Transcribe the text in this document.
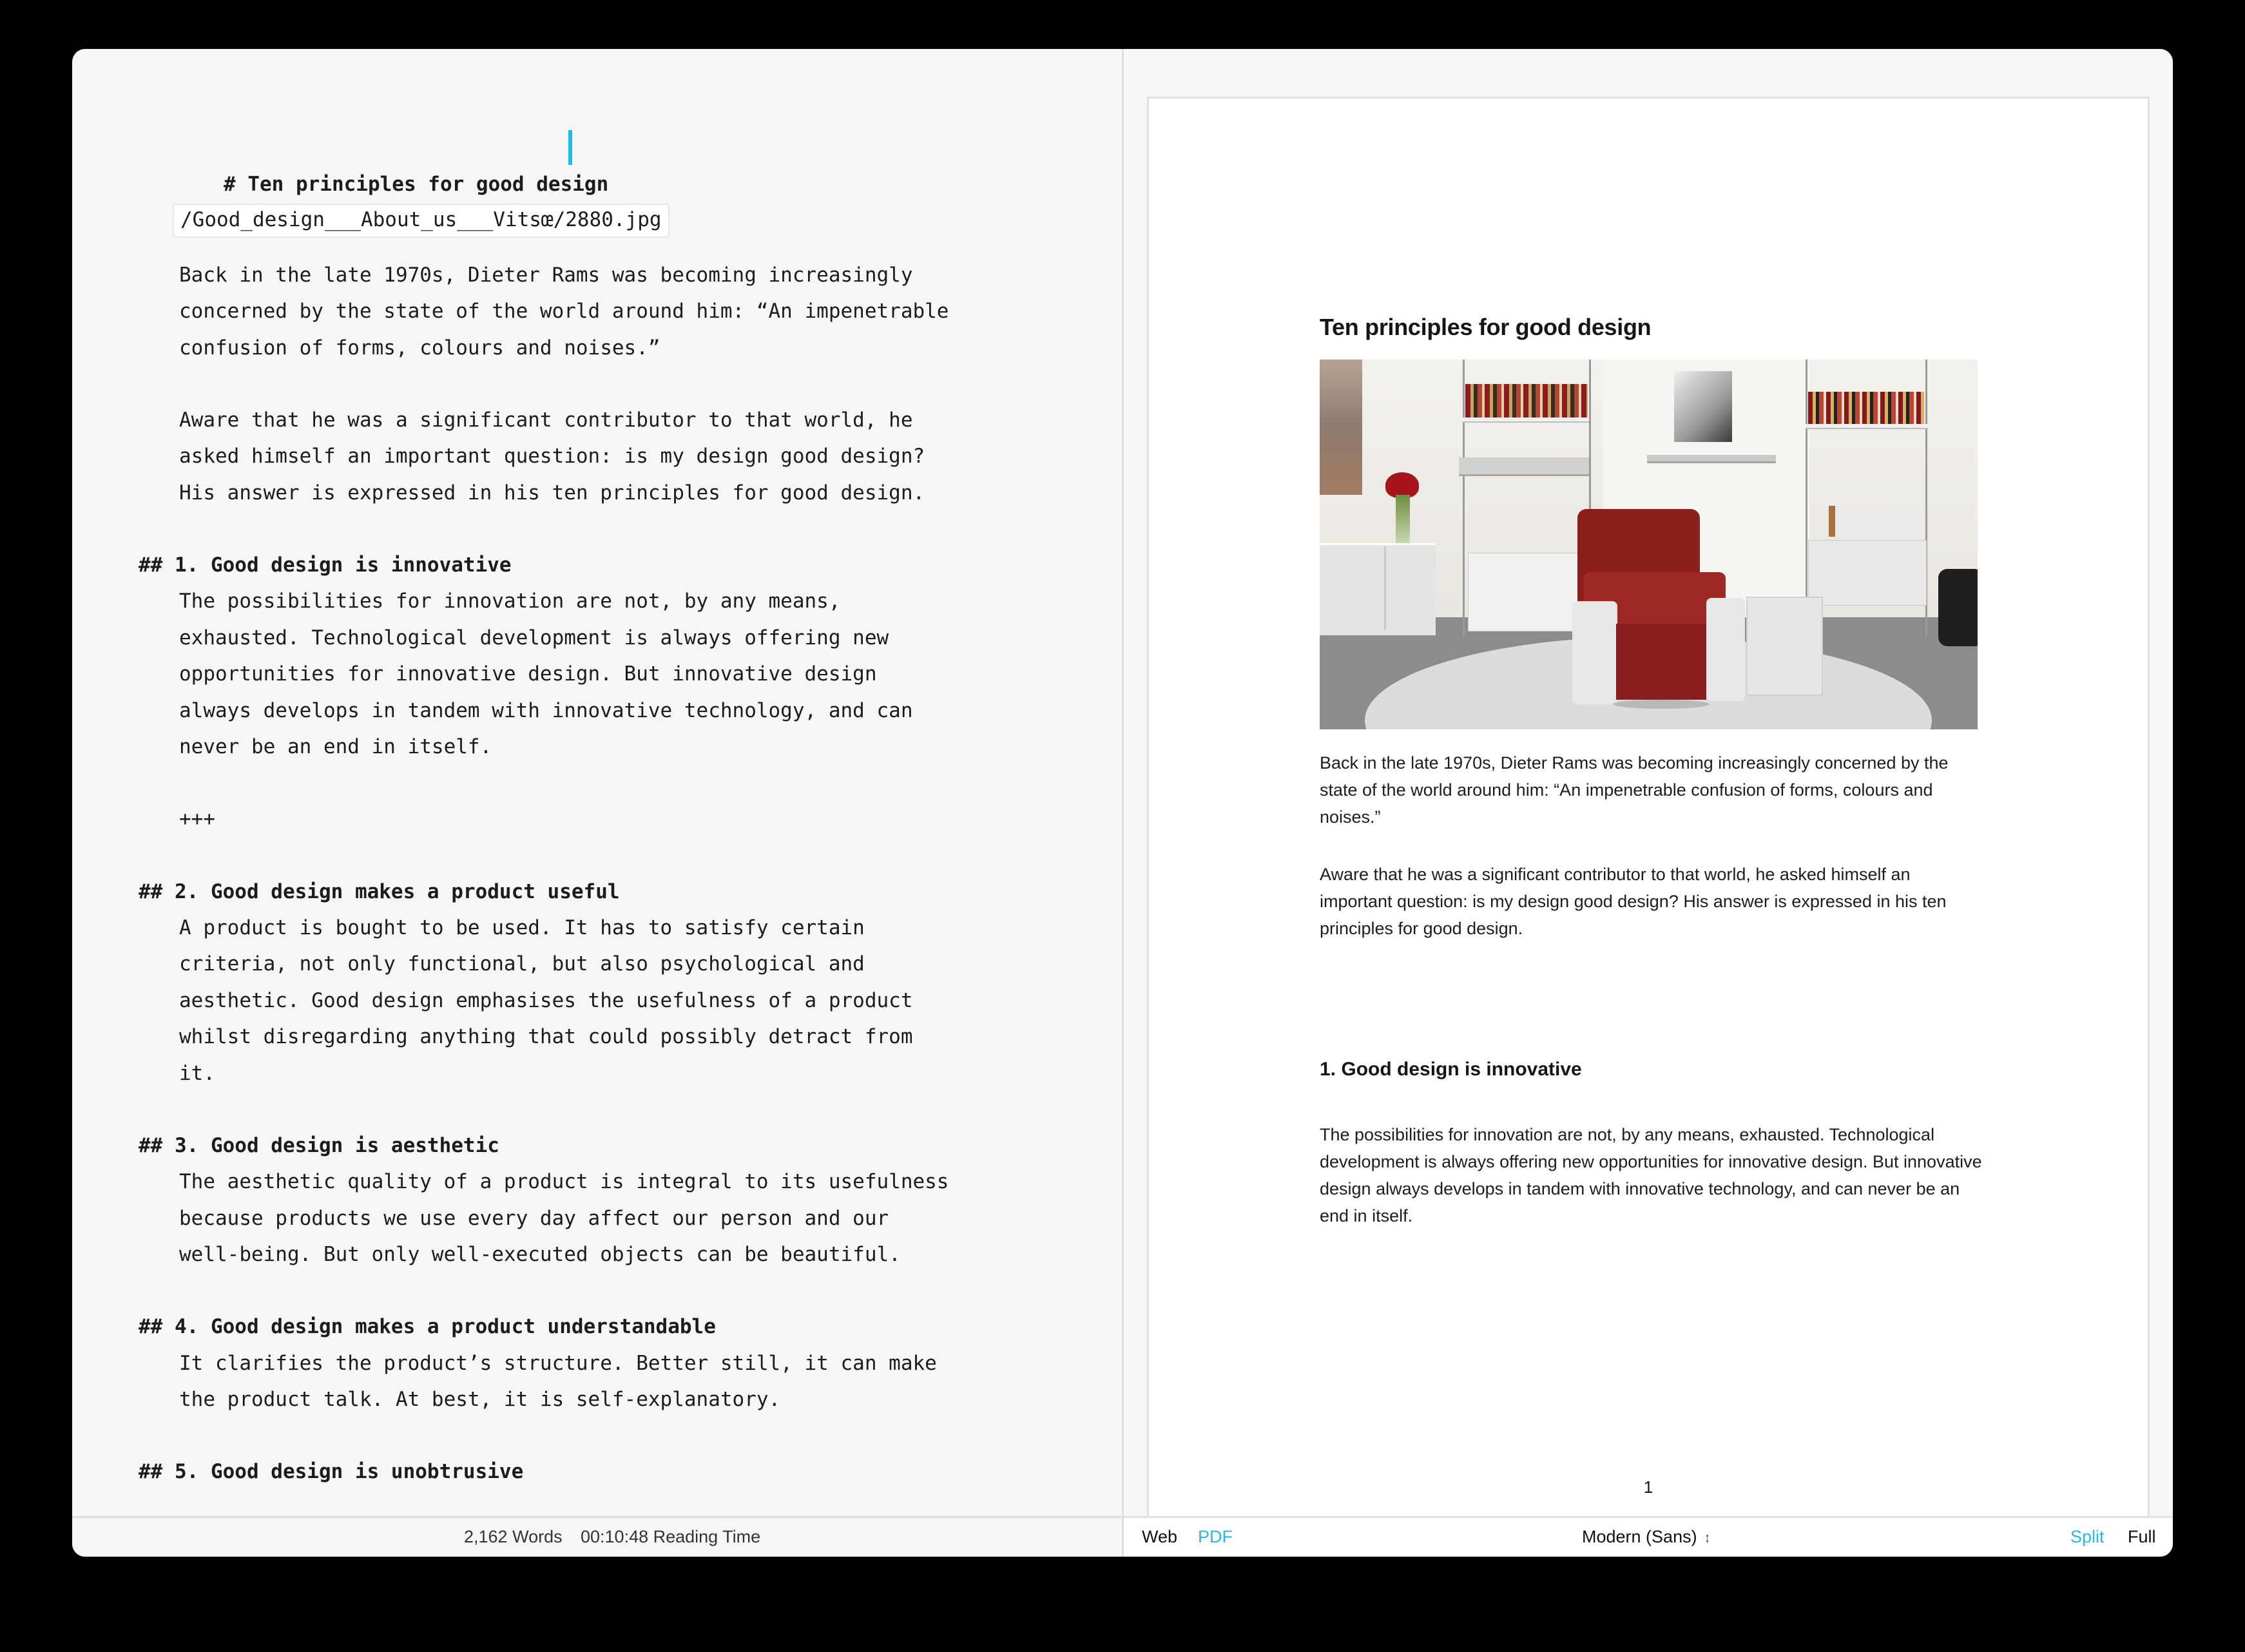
# Ten principles for good design

/Good_design___About_us___Vitsœ/2880.jpg
Back in the late 1970s, Dieter Rams was becoming increasingly
concerned by the state of the world around him: “An impenetrable
confusion of forms, colours and noises.”
Aware that he was a significant contributor to that world, he
asked himself an important question: is my design good design?
His answer is expressed in his ten principles for good design.
## 1. Good design is innovative
The possibilities for innovation are not, by any means,
exhausted. Technological development is always offering new
opportunities for innovative design. But innovative design
always develops in tandem with innovative technology, and can
never be an end in itself.
+++
## 2. Good design makes a product useful
A product is bought to be used. It has to satisfy certain
criteria, not only functional, but also psychological and
aesthetic. Good design emphasises the usefulness of a product
whilst disregarding anything that could possibly detract from
it.
## 3. Good design is aesthetic
The aesthetic quality of a product is integral to its usefulness
because products we use every day affect our person and our
well-being. But only well-executed objects can be beautiful.
## 4. Good design makes a product understandable
It clarifies the product’s structure. Better still, it can make
the product talk. At best, it is self-explanatory.
## 5. Good design is unobtrusive
Ten principles for good design
Back in the late 1970s, Dieter Rams was becoming increasingly concerned by the state of the world around him: “An impenetrable confusion of forms, colours and noises.”
Aware that he was a significant contributor to that world, he asked himself an important question: is my design good design? His answer is expressed in his ten principles for good design.
1. Good design is innovative
The possibilities for innovation are not, by any means, exhausted. Technological development is always offering new opportunities for innovative design. But innovative design always develops in tandem with innovative technology, and can never be an end in itself.
1
2,162 Words 00:10:48 Reading Time	Web PDF	Modern (Sans) ↕	Split Full
